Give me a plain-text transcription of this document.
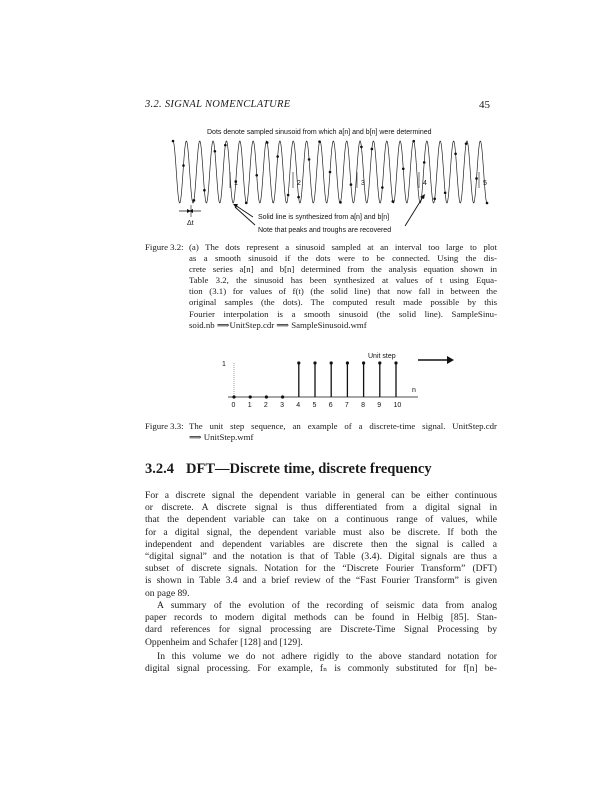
3.2. SIGNAL NOMENCLATURE	45
Dots denote sampled sinusoid from which a[n] and b[n] were determined
1	2	3	4	5
Δt
Solid line is synthesized from a[n] and b[n]
Note that peaks and troughs are recovered
Figure 3.2: (a) The dots represent a sinusoid sampled at an interval too large to plot
as a smooth sinusoid if the dots were to be connected. Using the dis-
crete series a[n] and b[n] determined from the analysis equation shown in
Table 3.2, the sinusoid has been synthesized at values of t using Equa-
tion (3.1) for values of f(t) (the solid line) that now fall in between the
original samples (the dots). The computed result made possible by this
Fourier interpolation is a smooth sinusoid (the solid line). SampleSinu-
soid.nb ⟹UnitStep.cdr ⟹ SampleSinusoid.wmf
Unit step
1
n
0 1 2 3 4 5 6 7 8 9 10
Figure 3.3: The unit step sequence, an example of a discrete-time signal. UnitStep.cdr
⟹ UnitStep.wmf
3.2.4 DFT—Discrete time, discrete frequency
For a discrete signal the dependent variable in general can be either continuous
or discrete. A discrete signal is thus differentiated from a digital signal in
that the dependent variable can take on a continuous range of values, while
for a digital signal, the dependent variable must also be discrete. If both the
independent and dependent variables are discrete then the signal is called a
“digital signal” and the notation is that of Table (3.4). Digital signals are thus a
subset of discrete signals. Notation for the “Discrete Fourier Transform” (DFT)
is shown in Table 3.4 and a brief review of the “Fast Fourier Transform” is given
on page 89.
A summary of the evolution of the recording of seismic data from analog
paper records to modern digital methods can be found in Helbig [85]. Stan-
dard references for signal processing are Discrete-Time Signal Processing by
Oppenheim and Schafer [128] and [129].
In this volume we do not adhere rigidly to the above standard notation for
digital signal processing. For example, fₙ is commonly substituted for f[n] be-
